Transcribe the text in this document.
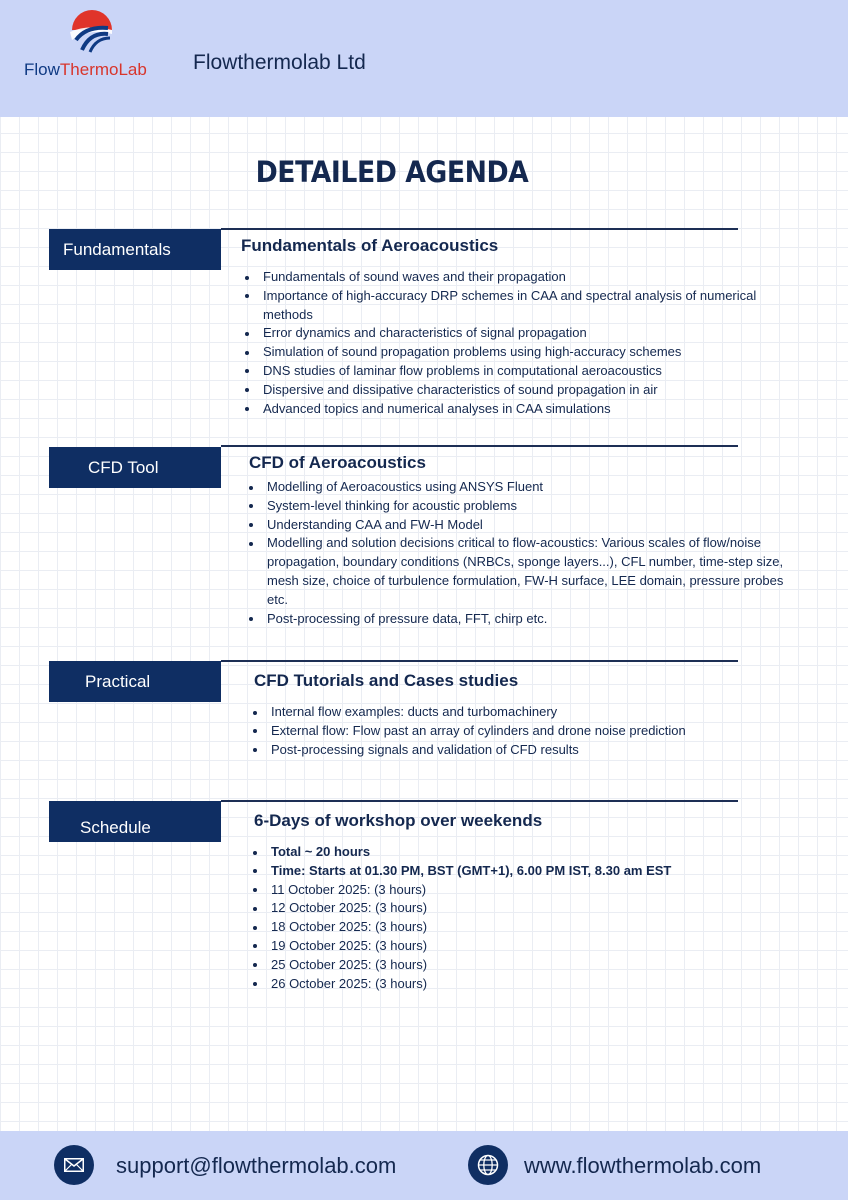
FlowThermoLab Flowthermolab Ltd
DETAILED AGENDA
Fundamentals	Fundamentals of Aeroacoustics
Fundamentals of sound waves and their propagation
Importance of high-accuracy DRP schemes in CAA and spectral analysis of numerical methods
Error dynamics and characteristics of signal propagation
Simulation of sound propagation problems using high-accuracy schemes
DNS studies of laminar flow problems in computational aeroacoustics
Dispersive and dissipative characteristics of sound propagation in air
Advanced topics and numerical analyses in CAA simulations
CFD Tool	CFD of Aeroacoustics
Modelling of Aeroacoustics using ANSYS Fluent
System-level thinking for acoustic problems
Understanding CAA and FW-H Model
Modelling and solution decisions critical to flow-acoustics: Various scales of flow/noise propagation, boundary conditions (NRBCs, sponge layers...), CFL number, time-step size, mesh size, choice of turbulence formulation, FW-H surface, LEE domain, pressure probes etc.
Post-processing of pressure data, FFT, chirp etc.
Practical	CFD Tutorials and Cases studies
Internal flow examples: ducts and turbomachinery
External flow: Flow past an array of cylinders and drone noise prediction
Post-processing signals and validation of CFD results
Schedule	6-Days of workshop over weekends
Total ~ 20 hours
Time: Starts at 01.30 PM, BST (GMT+1), 6.00 PM IST, 8.30 am EST
11 October 2025: (3 hours)
12 October 2025: (3 hours)
18 October 2025: (3 hours)
19 October 2025: (3 hours)
25 October 2025: (3 hours)
26 October 2025: (3 hours)
support@flowthermolab.com	www.flowthermolab.com
